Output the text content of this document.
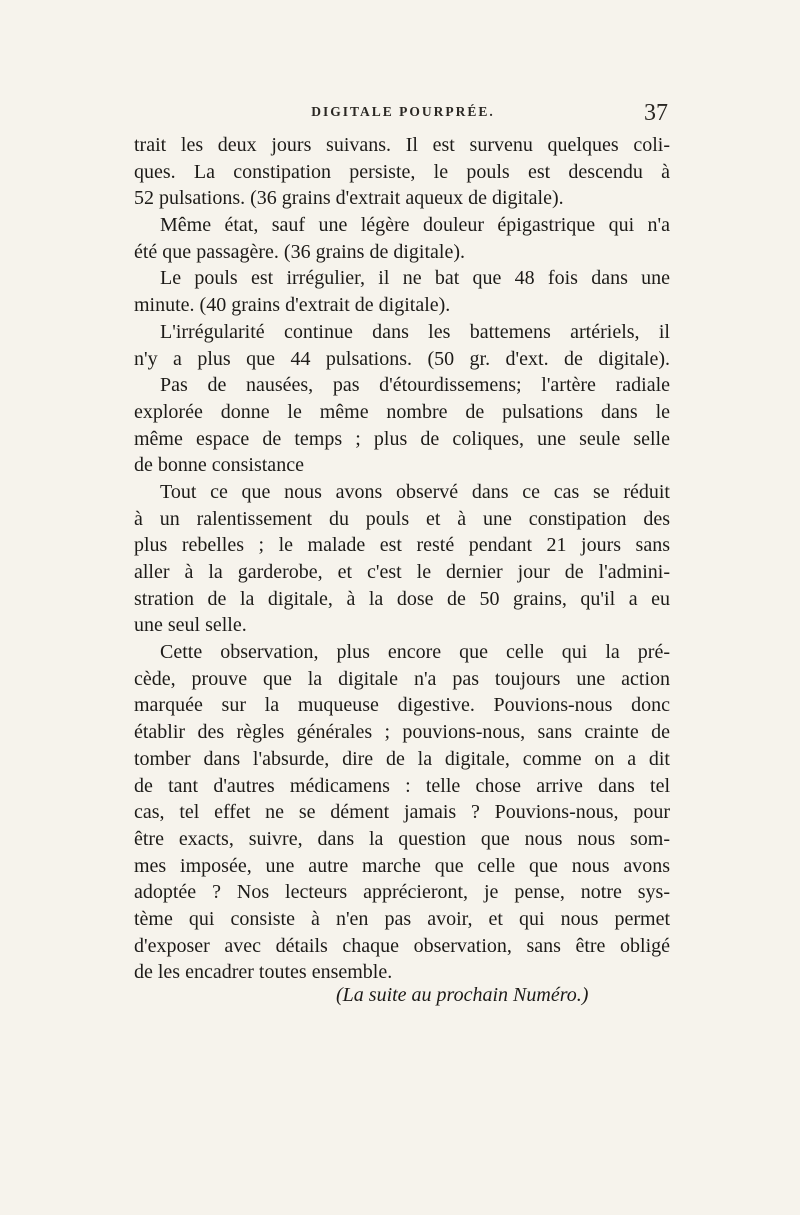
DIGITALE POURPRÉE.	37
trait les deux jours suivans. Il est survenu quelques coli-
ques. La constipation persiste, le pouls est descendu à
52 pulsations. (36 grains d'extrait aqueux de digitale).
Même état, sauf une légère douleur épigastrique qui n'a
été que passagère. (36 grains de digitale).
Le pouls est irrégulier, il ne bat que 48 fois dans une
minute. (40 grains d'extrait de digitale).
L'irrégularité continue dans les battemens artériels, il
n'y a plus que 44 pulsations. (50 gr. d'ext. de digitale).
Pas de nausées, pas d'étourdissemens; l'artère radiale
explorée donne le même nombre de pulsations dans le
même espace de temps ; plus de coliques, une seule selle
de bonne consistance
Tout ce que nous avons observé dans ce cas se réduit
à un ralentissement du pouls et à une constipation des
plus rebelles ; le malade est resté pendant 21 jours sans
aller à la garderobe, et c'est le dernier jour de l'admini-
stration de la digitale, à la dose de 50 grains, qu'il a eu
une seul selle.
Cette observation, plus encore que celle qui la pré-
cède, prouve que la digitale n'a pas toujours une action
marquée sur la muqueuse digestive. Pouvions-nous donc
établir des règles générales ; pouvions-nous, sans crainte de
tomber dans l'absurde, dire de la digitale, comme on a dit
de tant d'autres médicamens : telle chose arrive dans tel
cas, tel effet ne se dément jamais ? Pouvions-nous, pour
être exacts, suivre, dans la question que nous nous som-
mes imposée, une autre marche que celle que nous avons
adoptée ? Nos lecteurs apprécieront, je pense, notre sys-
tème qui consiste à n'en pas avoir, et qui nous permet
d'exposer avec détails chaque observation, sans être obligé
de les encadrer toutes ensemble.
(La suite au prochain Numéro.)
